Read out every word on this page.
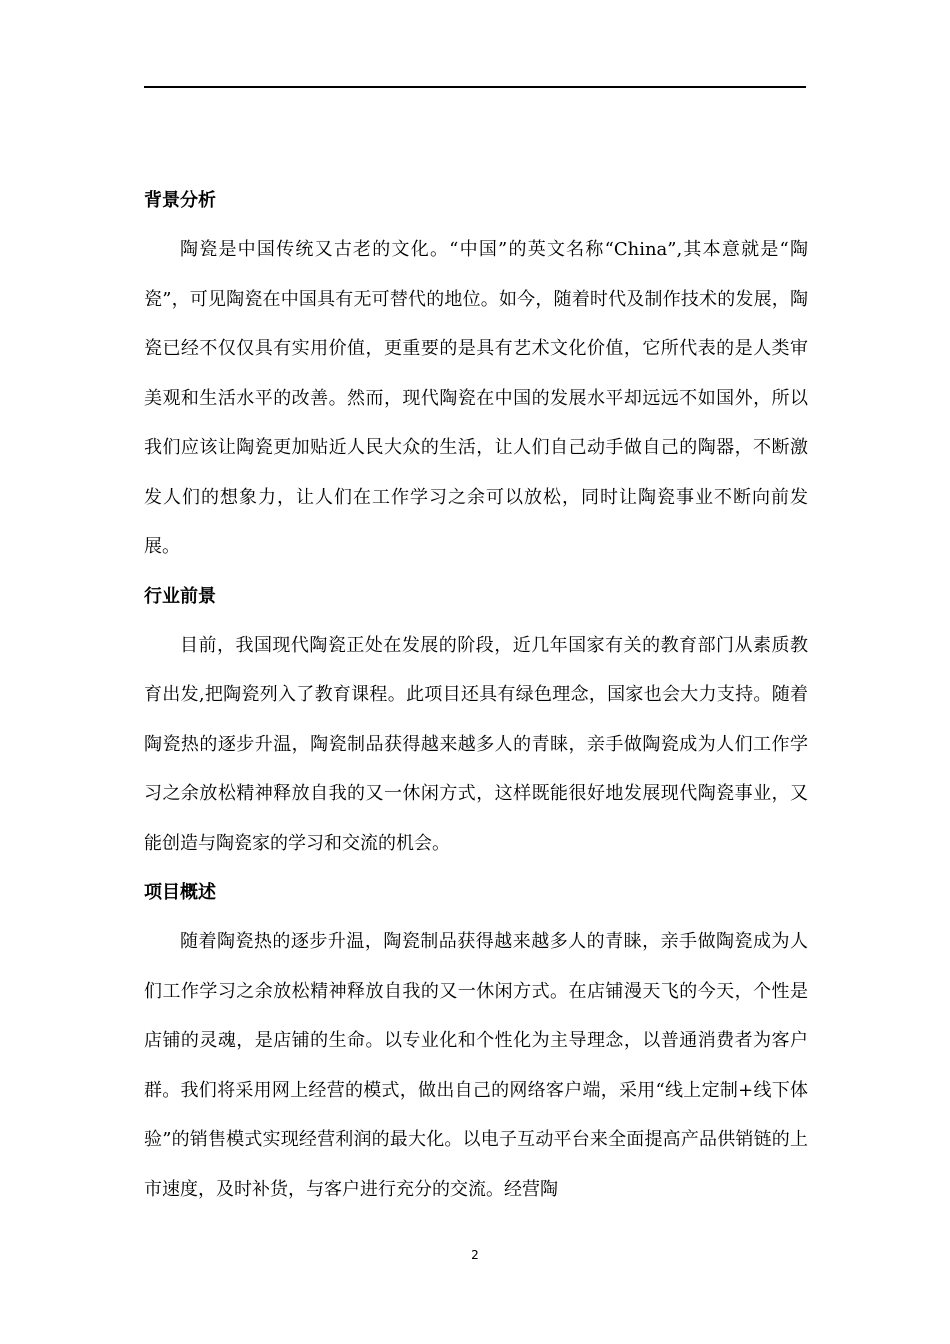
背景分析

陶瓷是中国传统又古老的文化。“中国”的英文名称“China”,其本意就是“陶瓷”，可见陶瓷在中国具有无可替代的地位。如今，随着时代及制作技术的发展，陶瓷已经不仅仅具有实用价值，更重要的是具有艺术文化价值，它所代表的是人类审美观和生活水平的改善。然而，现代陶瓷在中国的发展水平却远远不如国外，所以我们应该让陶瓷更加贴近人民大众的生活，让人们自己动手做自己的陶器，不断激发人们的想象力，让人们在工作学习之余可以放松，同时让陶瓷事业不断向前发展。

行业前景

目前，我国现代陶瓷正处在发展的阶段，近几年国家有关的教育部门从素质教育出发,把陶瓷列入了教育课程。此项目还具有绿色理念，国家也会大力支持。随着陶瓷热的逐步升温，陶瓷制品获得越来越多人的青睐，亲手做陶瓷成为人们工作学习之余放松精神释放自我的又一休闲方式，这样既能很好地发展现代陶瓷事业，又能创造与陶瓷家的学习和交流的机会。

项目概述

随着陶瓷热的逐步升温，陶瓷制品获得越来越多人的青睐，亲手做陶瓷成为人们工作学习之余放松精神释放自我的又一休闲方式。在店铺漫天飞的今天，个性是店铺的灵魂，是店铺的生命。以专业化和个性化为主导理念，以普通消费者为客户群。我们将采用网上经营的模式，做出自己的网络客户端，采用“线上定制+线下体验”的销售模式实现经营利润的最大化。以电子互动平台来全面提高产品供销链的上市速度，及时补货，与客户进行充分的交流。经营陶

2
